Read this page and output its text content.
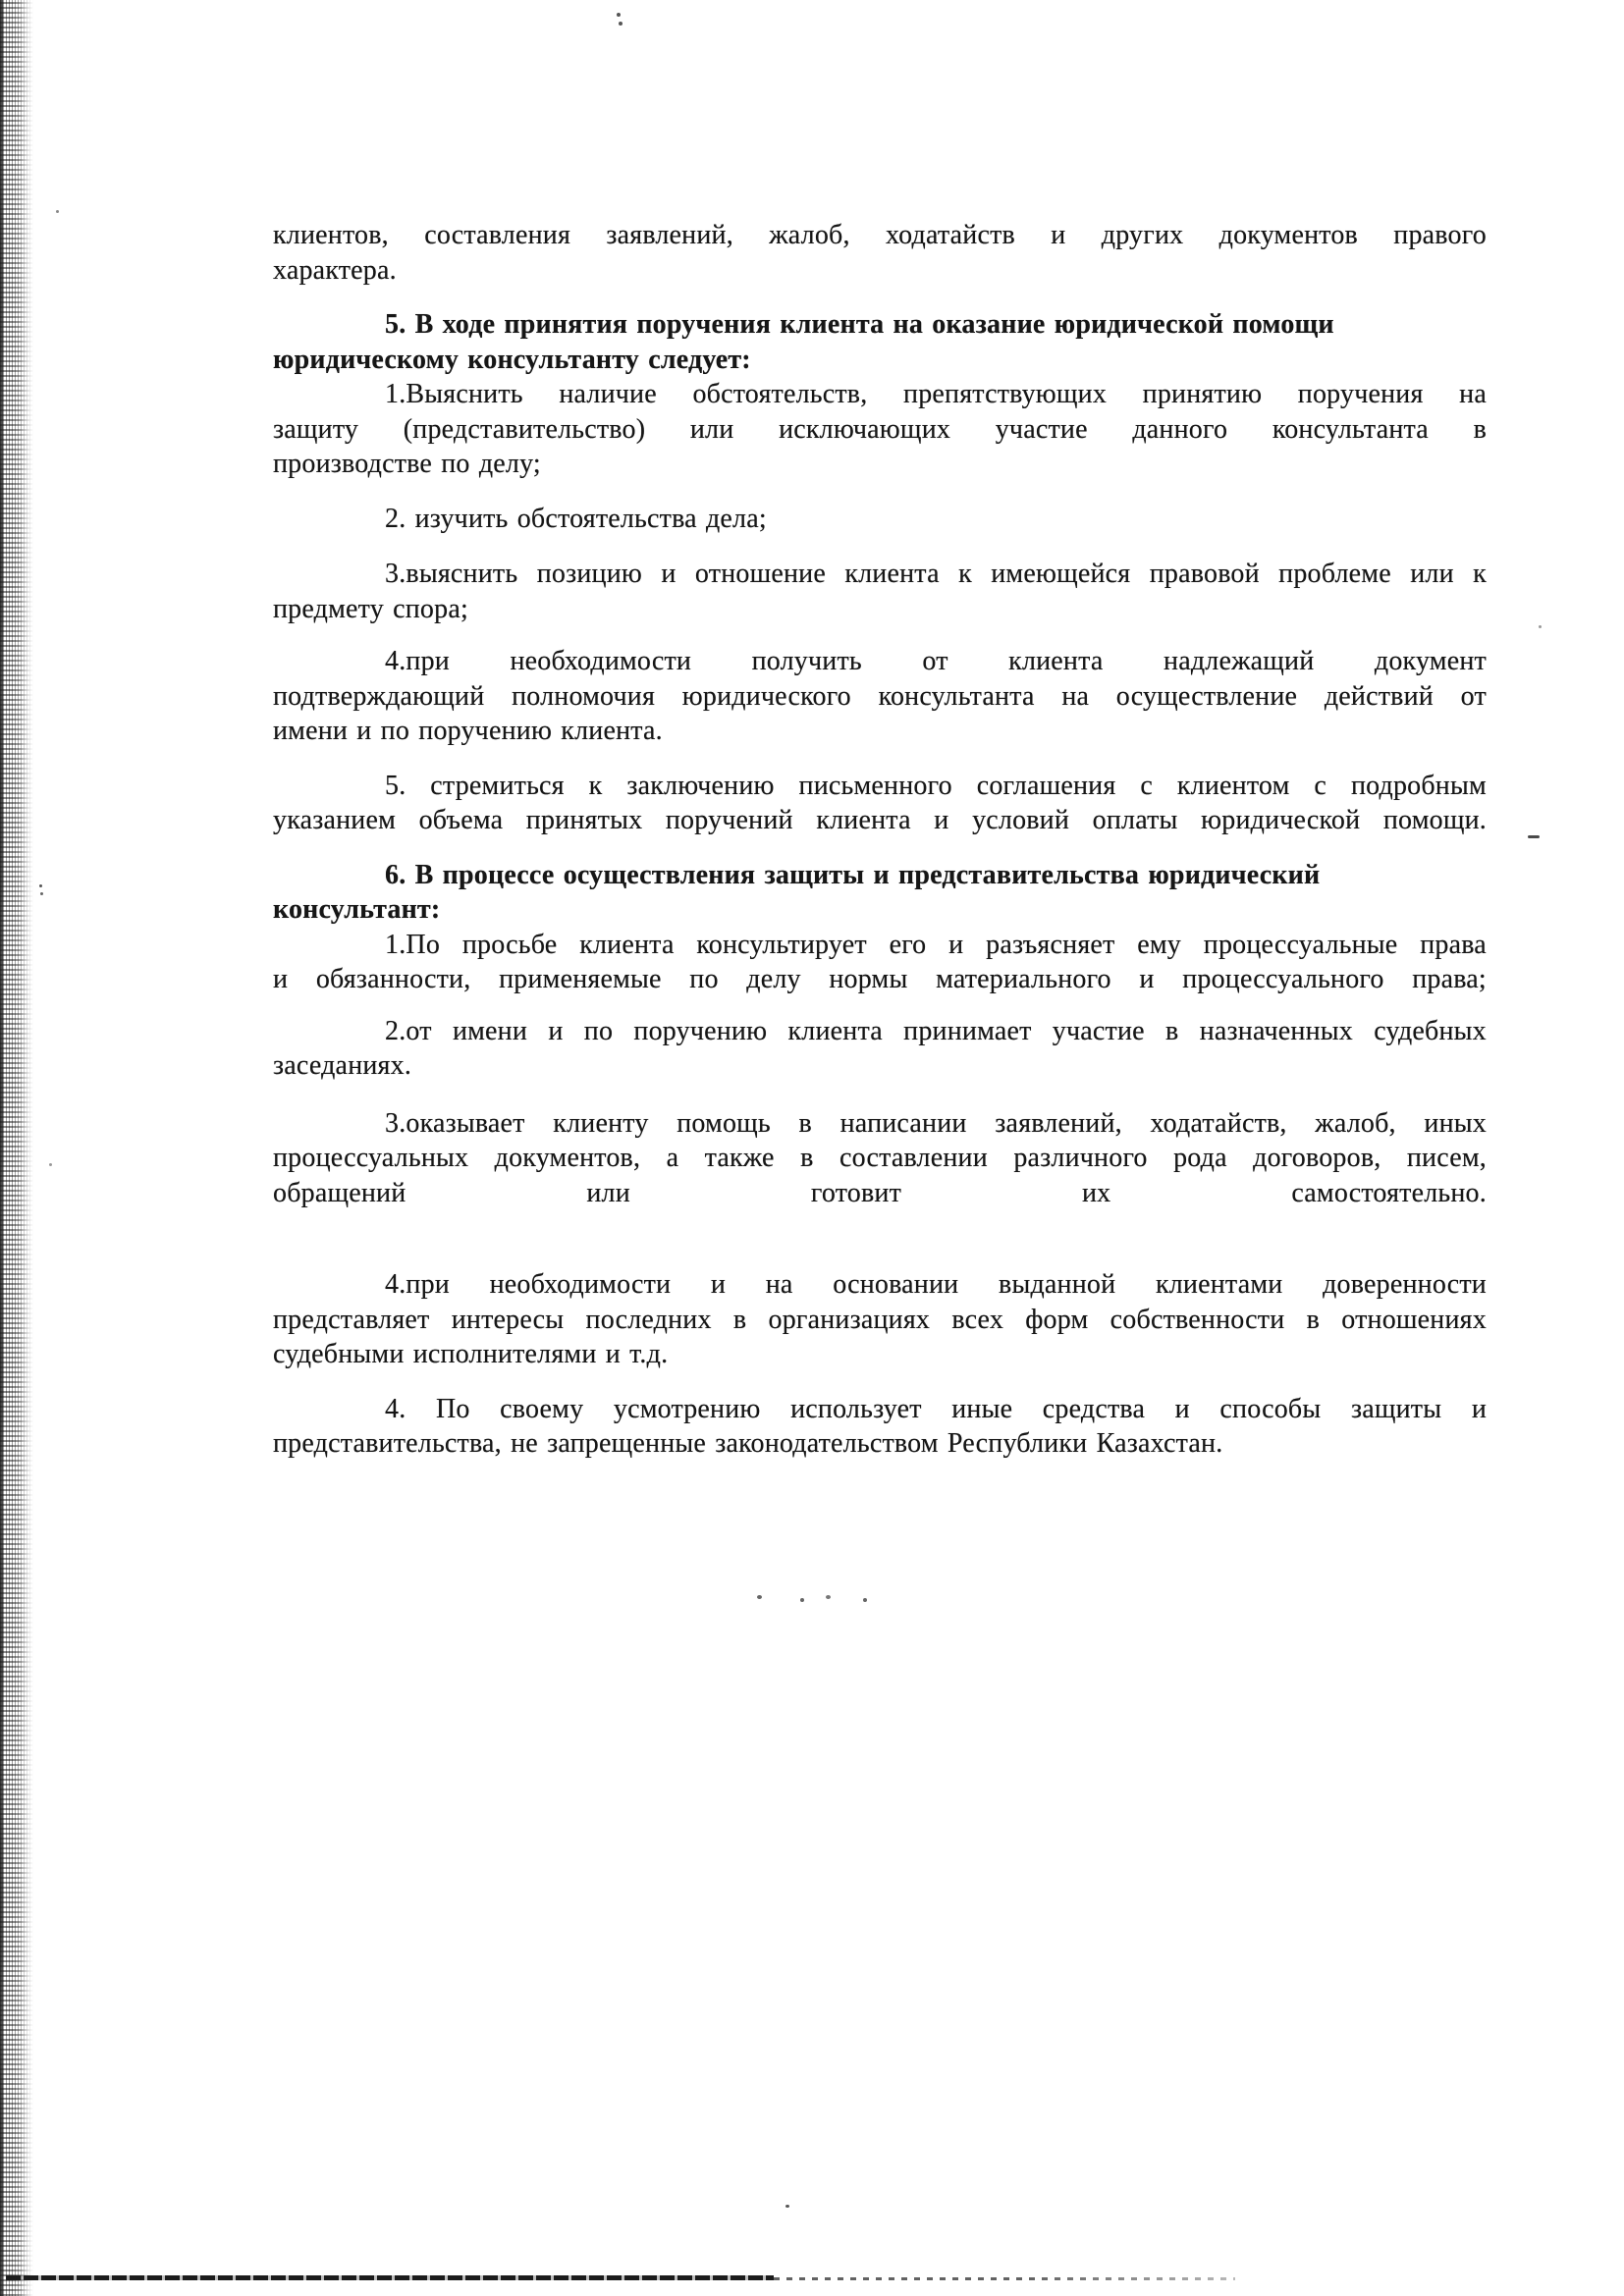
клиентов, составления заявлений, жалоб, ходатайств и других документов правого
характера.
5. В ходе принятия поручения клиента на оказание юридической помощи
юридическому консультанту следует:
1.Выяснить наличие обстоятельств, препятствующих принятию поручения на
защиту (представительство) или исключающих участие данного консультанта в
производстве по делу;
2. изучить обстоятельства дела;
3.выяснить позицию и отношение клиента к имеющейся правовой проблеме или к
предмету спора;
4.при необходимости получить от клиента надлежащий документ
подтверждающий полномочия юридического консультанта на осуществление действий от
имени и по поручению клиента.
5. стремиться к заключению письменного соглашения с клиентом с подробным
указанием объема принятых поручений клиента и условий оплаты юридической помощи.
6. В процессе осуществления защиты и представительства юридический
консультант:
1.По просьбе клиента консультирует его и разъясняет ему процессуальные права
и обязанности, применяемые по делу нормы материального и процессуального права;
2.от имени и по поручению клиента принимает участие в назначенных судебных
заседаниях.
3.оказывает клиенту помощь в написании заявлений, ходатайств, жалоб, иных
процессуальных документов, а также в составлении различного рода договоров, писем,
обращений	или	готовит	их	самостоятельно.
4.при необходимости и на основании выданной клиентами доверенности
представляет интересы последних в организациях всех форм собственности в отношениях
судебными исполнителями и т.д.
4. По своему усмотрению использует иные средства и способы защиты и
представительства, не запрещенные законодательством Республики Казахстан.
